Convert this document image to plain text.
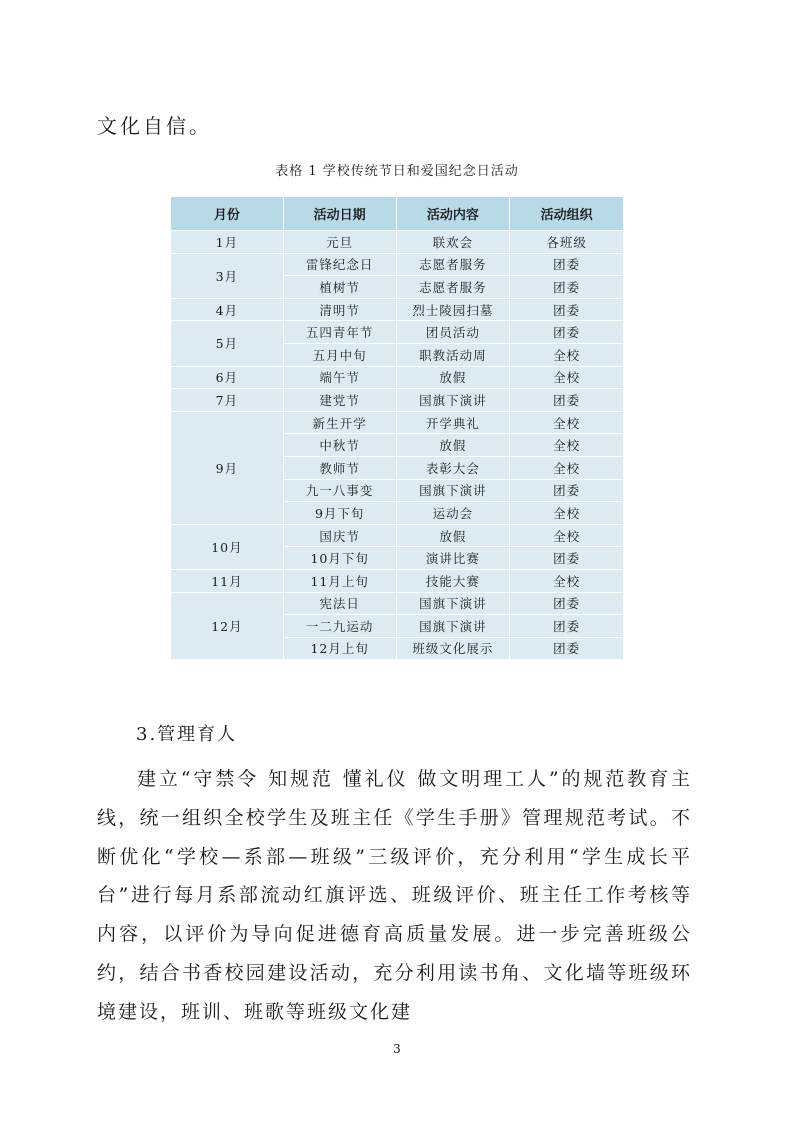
文化自信。
表格 1 学校传统节日和爱国纪念日活动
月份	活动日期	活动内容	活动组织
1月	元旦	联欢会	各班级
3月	雷锋纪念日	志愿者服务	团委
	植树节	志愿者服务	团委
4月	清明节	烈士陵园扫墓	团委
5月	五四青年节	团员活动	团委
	五月中旬	职教活动周	全校
6月	端午节	放假	全校
7月	建党节	国旗下演讲	团委
9月	新生开学	开学典礼	全校
	中秋节	放假	全校
	教师节	表彰大会	全校
	九一八事变	国旗下演讲	团委
	9月下旬	运动会	全校
10月	国庆节	放假	全校
	10月下旬	演讲比赛	团委
11月	11月上旬	技能大赛	全校
12月	宪法日	国旗下演讲	团委
	一二九运动	国旗下演讲	团委
	12月上旬	班级文化展示	团委
3.管理育人
建立“守禁令 知规范 懂礼仪 做文明理工人”的规范教育主线，统一组织全校学生及班主任《学生手册》管理规范考试。不断优化“学校—系部—班级”三级评价，充分利用“学生成长平台”进行每月系部流动红旗评选、班级评价、班主任工作考核等内容，以评价为导向促进德育高质量发展。进一步完善班级公约，结合书香校园建设活动，充分利用读书角、文化墙等班级环境建设，班训、班歌等班级文化建
3
